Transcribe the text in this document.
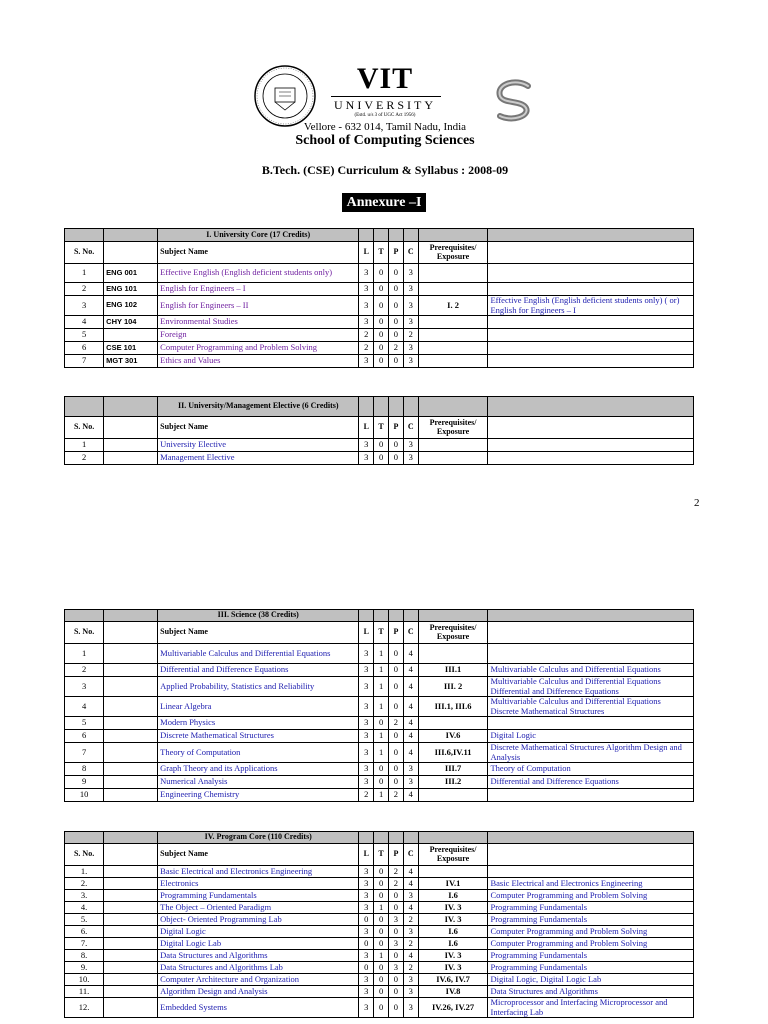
VIT
UNIVERSITY
(Estd. u/s 3 of UGC Act 1956)
Vellore - 632 014, Tamil Nadu, India
School of Computing Sciences
B.Tech. (CSE) Curriculum & Syllabus : 2008-09
Annexure –I
2
		I. University Core (17 Credits)						
S. No.		Subject Name	L	T	P	C	Prerequisites/ Exposure	
1	ENG 001	Effective English (English deficient students only)	3	0	0	3		
2	ENG 101	English for Engineers – I	3	0	0	3		
3	ENG 102	English for Engineers – II	3	0	0	3	I. 2	Effective English (English deficient students only) ( or) English for Engineers – I
4	CHY 104	Environmental Studies	3	0	0	3		
5		Foreign	2	0	0	2		
6	CSE 101	Computer Programming and Problem Solving	2	0	2	3		
7	MGT 301	Ethics and Values	3	0	0	3		
		II. University/Management Elective (6 Credits)						
S. No.		Subject Name	L	T	P	C	Prerequisites/ Exposure	
1		University Elective	3	0	0	3		
2		Management Elective	3	0	0	3		
		III. Science (38 Credits)						
S. No.		Subject Name	L	T	P	C	Prerequisites/ Exposure	
1		Multivariable Calculus and Differential Equations	3	1	0	4		
2		Differential and Difference Equations	3	1	0	4	III.1	Multivariable Calculus and Differential Equations
3		Applied Probability, Statistics and Reliability	3	1	0	4	III. 2	Multivariable Calculus and Differential Equations Differential and Difference Equations
4		Linear Algebra	3	1	0	4	III.1, III.6	Multivariable Calculus and Differential Equations Discrete Mathematical Structures
5		Modern Physics	3	0	2	4		
6		Discrete Mathematical Structures	3	1	0	4	IV.6	Digital Logic
7		Theory of Computation	3	1	0	4	III.6,IV.11	Discrete Mathematical Structures Algorithm Design and Analysis
8		Graph Theory and its Applications	3	0	0	3	III.7	Theory of Computation
9		Numerical Analysis	3	0	0	3	III.2	Differential and Difference Equations
10		Engineering Chemistry	2	1	2	4		
		IV. Program Core (110 Credits)						
S. No.		Subject Name	L	T	P	C	Prerequisites/ Exposure	
1.		Basic Electrical and Electronics Engineering	3	0	2	4		
2.		Electronics	3	0	2	4	IV.1	Basic Electrical and Electronics Engineering
3.		Programming Fundamentals	3	0	0	3	I.6	Computer Programming and Problem Solving
4.		The Object – Oriented Paradigm	3	1	0	4	IV. 3	Programming Fundamentals
5.		Object- Oriented Programming Lab	0	0	3	2	IV. 3	Programming Fundamentals
6.		Digital Logic	3	0	0	3	I.6	Computer Programming and Problem Solving
7.		Digital Logic Lab	0	0	3	2	I.6	Computer Programming and Problem Solving
8.		Data Structures and Algorithms	3	1	0	4	IV. 3	Programming Fundamentals
9.		Data Structures and Algorithms Lab	0	0	3	2	IV. 3	Programming Fundamentals
10.		Computer Architecture and Organization	3	0	0	3	IV.6, IV.7	Digital Logic, Digital Logic Lab
11.		Algorithm Design and Analysis	3	0	0	3	IV.8	Data Structures and Algorithms
12.		Embedded Systems	3	0	0	3	IV.26, IV.27	Microprocessor and Interfacing Microprocessor and Interfacing Lab
